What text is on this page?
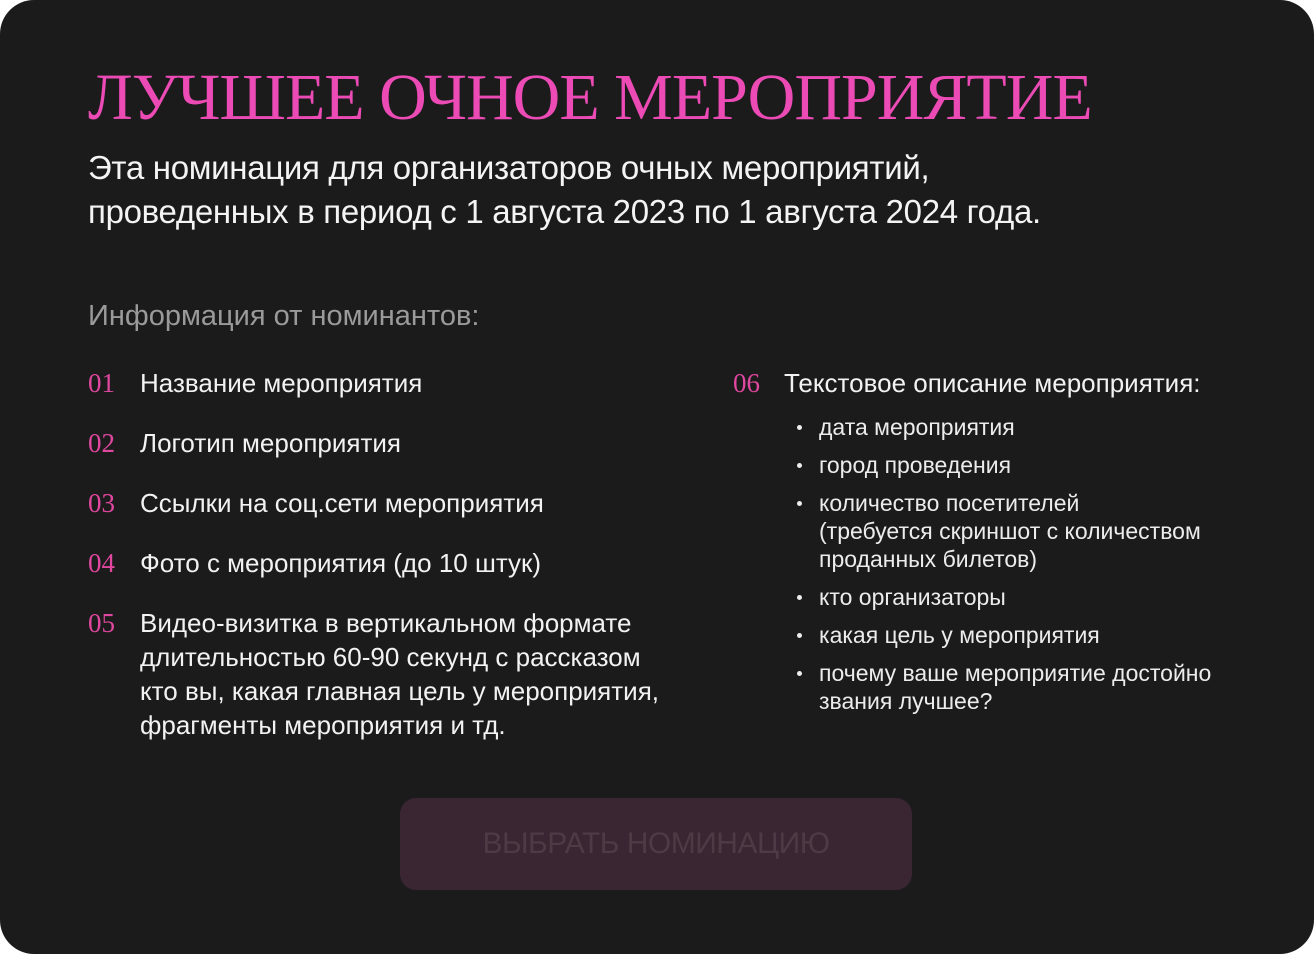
ЛУЧШЕЕ ОЧНОЕ МЕРОПРИЯТИЕ

Эта номинация для организаторов очных мероприятий,
проведенных в период с 1 августа 2023 по 1 августа 2024 года.

Информация от номинантов:
01 Название мероприятия
02 Логотип мероприятия
03 Ссылки на соц.сети мероприятия
04 Фото с мероприятия (до 10 штук)
05 Видео-визитка в вертикальном формате
длительностью 60-90 секунд с рассказом
кто вы, какая главная цель у мероприятия,
фрагменты мероприятия и тд.
06 Текстовое описание мероприятия:
дата мероприятия
город проведения
количество посетителей
(требуется скриншот с количеством
проданных билетов)
кто организаторы
какая цель у мероприятия
почему ваше мероприятие достойно
звания лучшее?
ВЫБРАТЬ НОМИНАЦИЮ
